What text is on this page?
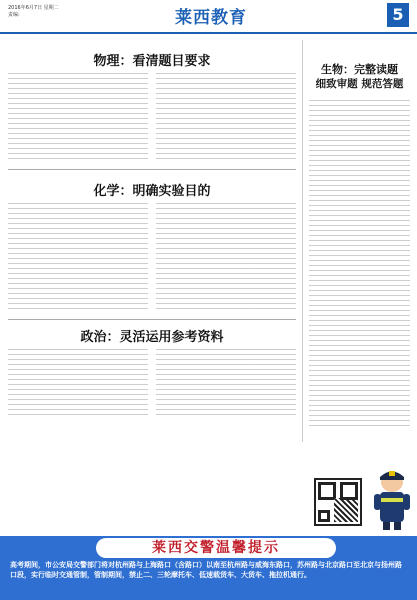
2016年6月7日 星期二
责编:	莱西教育	5
物理：看清题目要求
化学：明确实验目的
政治：灵活运用参考资料
生物：完整读题
细致审题 规范答题
莱西交警温馨提示
高考期间，市公安局交警部门将对杭州路与上海路口（含路口）以南至杭州路与威海东路口，苏州路与北京路口至北京与扬州路口段，实行临时交通管制，管制期间，禁止二、三轮摩托车、低速载货车、大货车、拖拉机通行。
